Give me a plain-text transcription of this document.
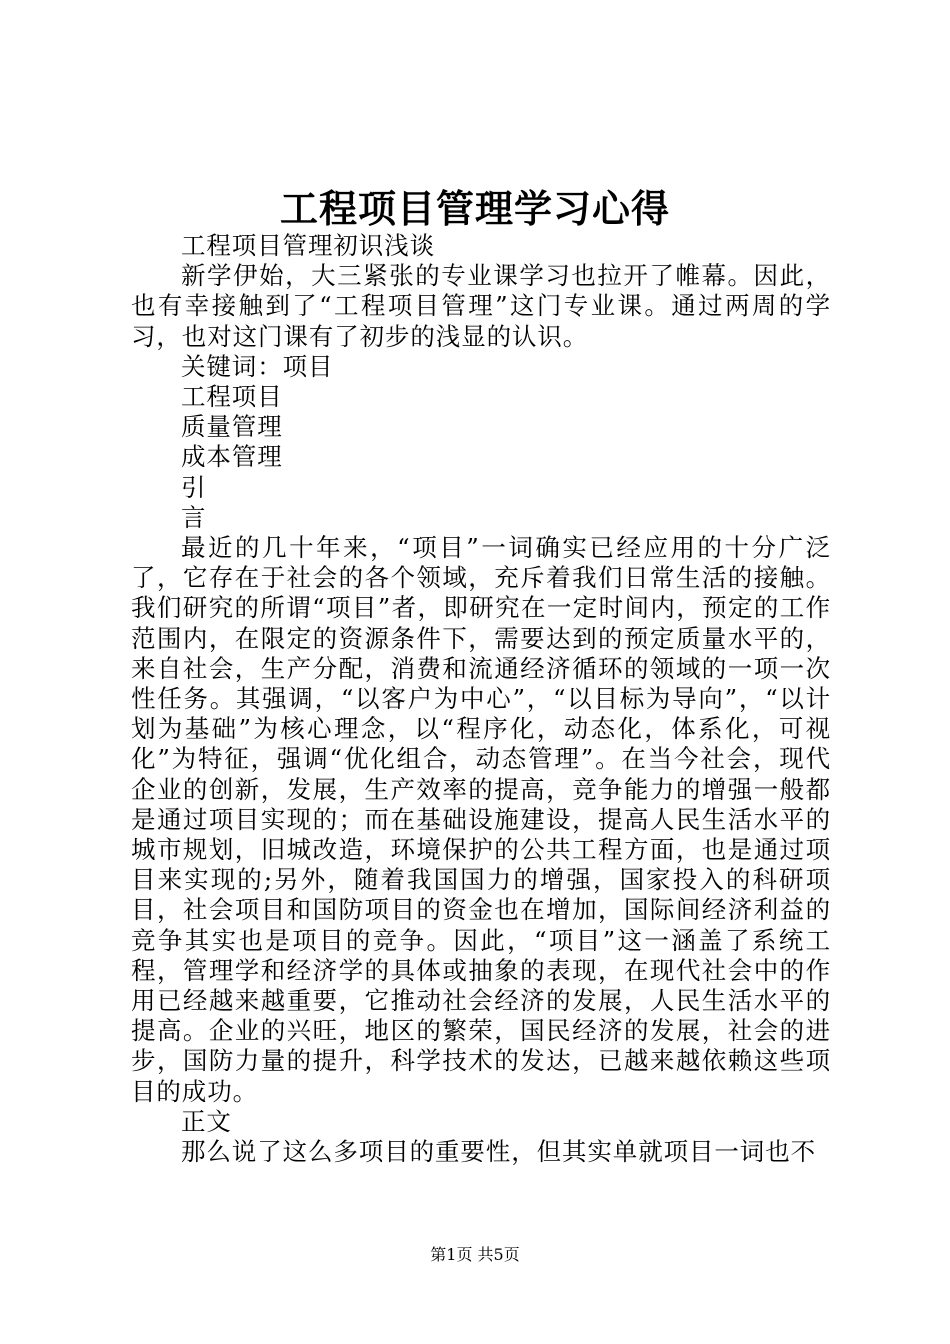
工程项目管理学习心得

工程项目管理初识浅谈

新学伊始，大三紧张的专业课学习也拉开了帷幕。因此，也有幸接触到了“工程项目管理”这门专业课。通过两周的学习，也对这门课有了初步的浅显的认识。

关键词：项目

工程项目

质量管理

成本管理

引

言

最近的几十年来，“项目”一词确实已经应用的十分广泛了，它存在于社会的各个领域，充斥着我们日常生活的接触。我们研究的所谓“项目”者，即研究在一定时间内，预定的工作范围内，在限定的资源条件下，需要达到的预定质量水平的，来自社会，生产分配，消费和流通经济循环的领域的一项一次性任务。其强调，“以客户为中心”，“以目标为导向”，“以计划为基础”为核心理念，以“程序化，动态化，体系化，可视化”为特征，强调“优化组合，动态管理”。在当今社会，现代企业的创新，发展，生产效率的提高，竞争能力的增强一般都是通过项目实现的；而在基础设施建设，提高人民生活水平的城市规划，旧城改造，环境保护的公共工程方面，也是通过项目来实现的;另外，随着我国国力的增强，国家投入的科研项目，社会项目和国防项目的资金也在增加，国际间经济利益的竞争其实也是项目的竞争。因此，“项目”这一涵盖了系统工程，管理学和经济学的具体或抽象的表现，在现代社会中的作用已经越来越重要，它推动社会经济的发展，人民生活水平的提高。企业的兴旺，地区的繁荣，国民经济的发展，社会的进步，国防力量的提升，科学技术的发达，已越来越依赖这些项目的成功。

正文

那么说了这么多项目的重要性，但其实单就项目一词也不

第1页 共5页
